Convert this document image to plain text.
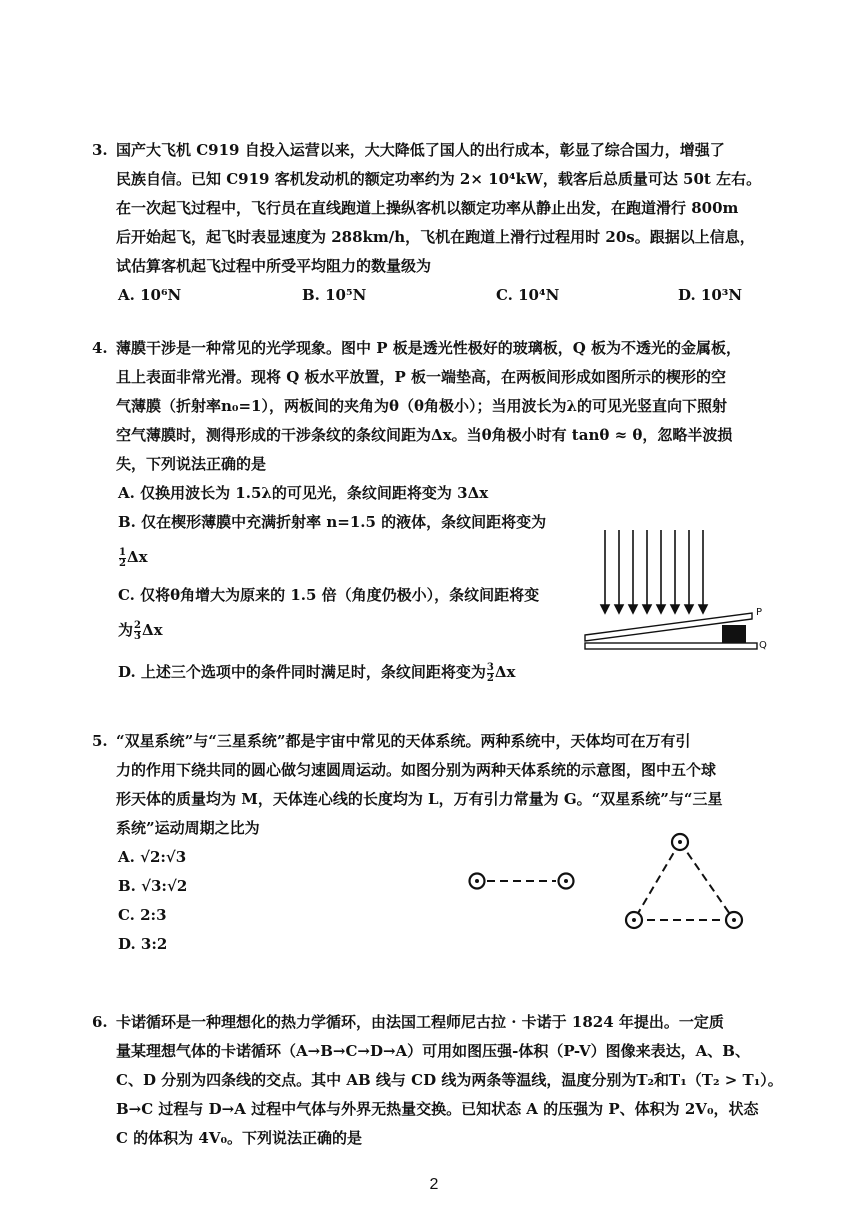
3. 国产大飞机 C919 自投入运营以来，大大降低了国人的出行成本，彰显了综合国力，增强了
民族自信。已知 C919 客机发动机的额定功率约为 2× 10⁴kW，载客后总质量可达 50t 左右。
在一次起飞过程中，飞行员在直线跑道上操纵客机以额定功率从静止出发，在跑道滑行 800m
后开始起飞，起飞时表显速度为 288km/h，飞机在跑道上滑行过程用时 20s。跟据以上信息，
试估算客机起飞过程中所受平均阻力的数量级为
A. 10⁶N	B. 10⁵N	C. 10⁴N	D. 10³N
4. 薄膜干涉是一种常见的光学现象。图中 P 板是透光性极好的玻璃板，Q 板为不透光的金属板，
且上表面非常光滑。现将 Q 板水平放置，P 板一端垫高，在两板间形成如图所示的楔形的空
气薄膜（折射率n₀=1），两板间的夹角为θ（θ角极小）；当用波长为λ的可见光竖直向下照射
空气薄膜时，测得形成的干涉条纹的条纹间距为Δx。当θ角极小时有 tanθ ≈ θ，忽略半波损
失，下列说法正确的是
A. 仅换用波长为 1.5λ的可见光，条纹间距将变为 3Δx
B. 仅在楔形薄膜中充满折射率 n=1.5 的液体，条纹间距将变为
$\frac{1}{2}$ Δx
C. 仅将θ角增大为原来的 1.5 倍（角度仍极小），条纹间距将变
为 $\frac{2}{3}$ Δx
D. 上述三个选项中的条件同时满足时，条纹间距将变为 $\frac{3}{2}$ Δx
P
Q
5. “双星系统”与“三星系统”都是宇宙中常见的天体系统。两种系统中，天体均可在万有引
力的作用下绕共同的圆心做匀速圆周运动。如图分别为两种天体系统的示意图，图中五个球
形天体的质量均为 M，天体连心线的长度均为 L，万有引力常量为 G。“双星系统”与“三星
系统”运动周期之比为
A. √2:√3
B. √3:√2
C. 2:3
D. 3:2
6. 卡诺循环是一种理想化的热力学循环，由法国工程师尼古拉 · 卡诺于 1824 年提出。一定质
量某理想气体的卡诺循环（A→B→C→D→A）可用如图压强-体积（P-V）图像来表达，A、B、
C、D 分别为四条线的交点。其中 AB 线与 CD 线为两条等温线，温度分别为T₂和T₁（T₂ > T₁）。
B→C 过程与 D→A 过程中气体与外界无热量交换。已知状态 A 的压强为 P、体积为 2V₀，状态
C 的体积为 4V₀。下列说法正确的是
2
